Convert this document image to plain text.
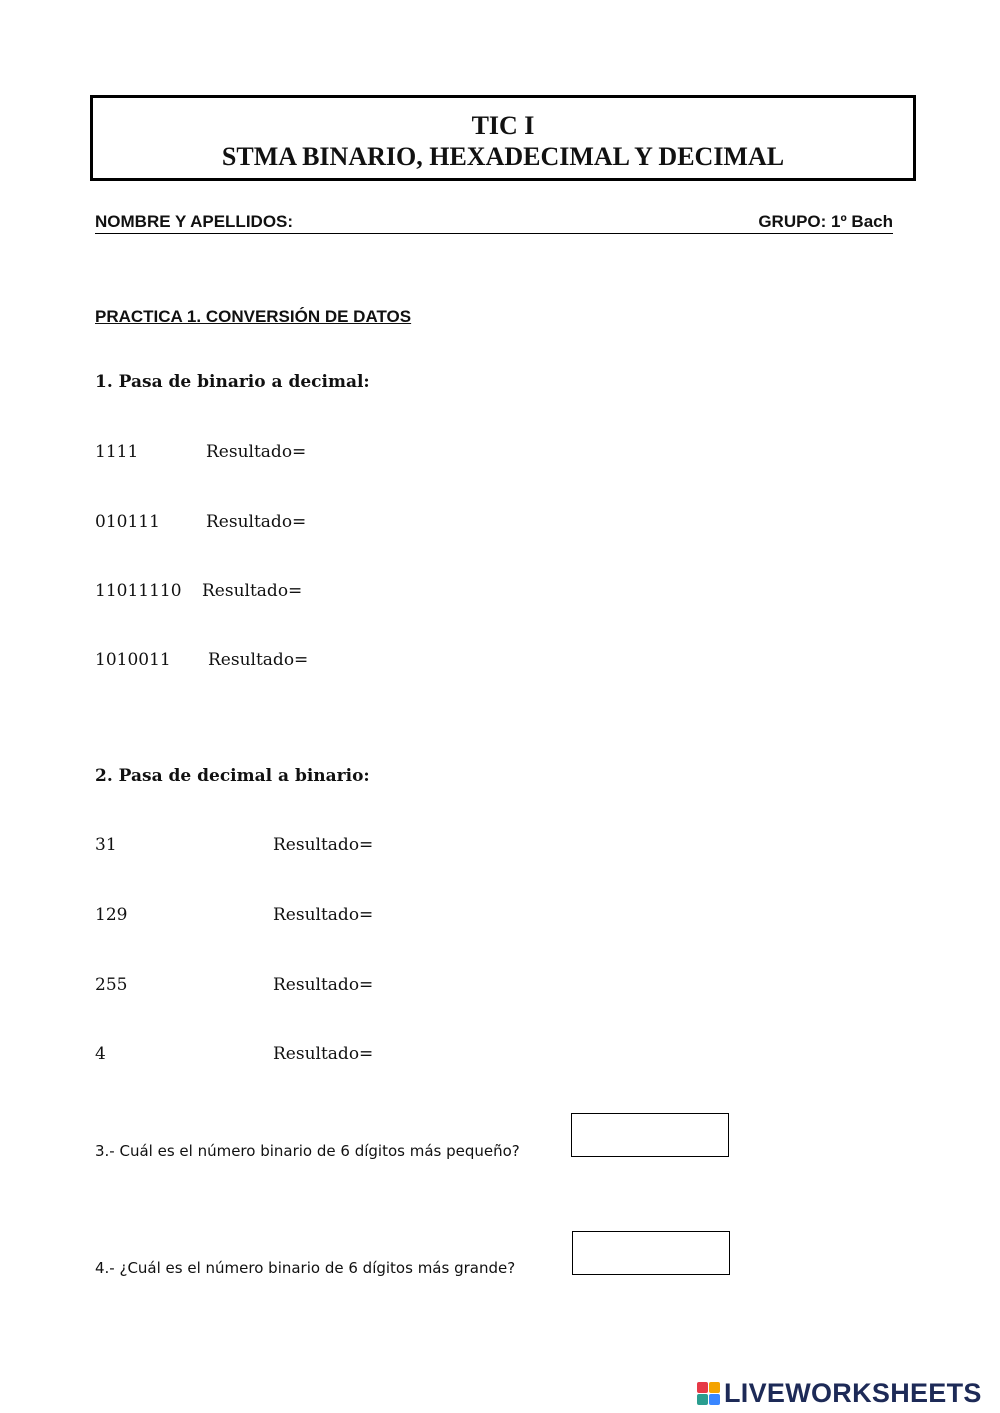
TIC I
STMA BINARIO, HEXADECIMAL Y DECIMAL
NOMBRE Y APELLIDOS:	GRUPO: 1º Bach
PRACTICA 1. CONVERSIÓN DE DATOS
1. Pasa de binario a decimal:
1111	Resultado=
010111	Resultado=
11011110 Resultado=
1010011 Resultado=
2. Pasa de decimal a binario:
31	Resultado=
129	Resultado=
255	Resultado=
4	Resultado=
3.- Cuál es el número binario de 6 dígitos más pequeño?
4.- ¿Cuál es el número binario de 6 dígitos más grande?
LIVEWORKSHEETS
